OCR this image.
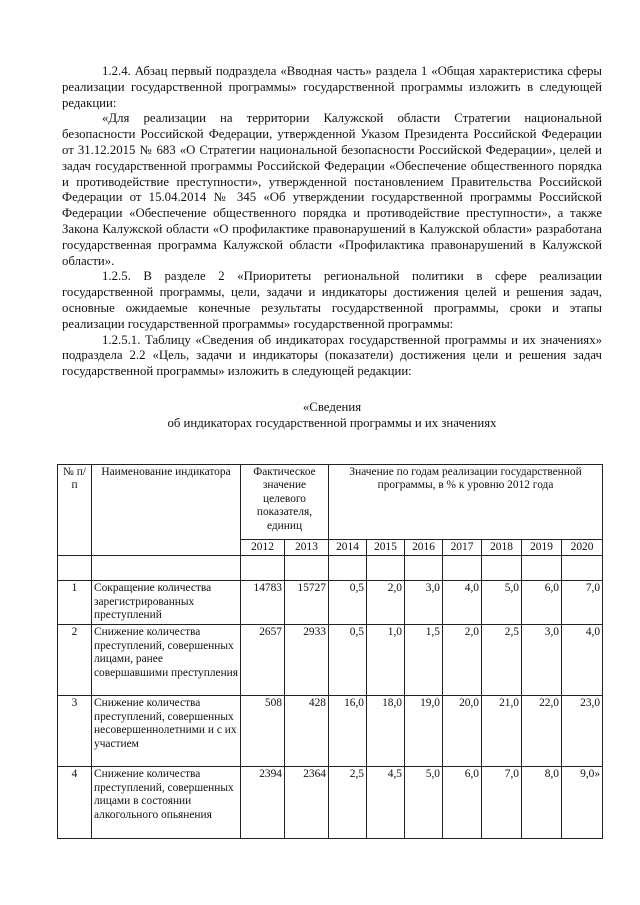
1.2.4. Абзац первый подраздела «Вводная часть» раздела 1 «Общая характеристика сферы реализации государственной программы» государственной программы изложить в следующей редакции:

«Для реализации на территории Калужской области Стратегии национальной безопасности Российской Федерации, утвержденной Указом Президента Российской Федерации от 31.12.2015 № 683 «О Стратегии национальной безопасности Российской Федерации», целей и задач государственной программы Российской Федерации «Обеспечение общественного порядка и противодействие преступности», утвержденной постановлением Правительства Российской Федерации от 15.04.2014 № 345 «Об утверждении государственной программы Российской Федерации «Обеспечение общественного порядка и противодействие преступности», а также Закона Калужской области «О профилактике правонарушений в Калужской области» разработана государственная программа Калужской области «Профилактика правонарушений в Калужской области».

1.2.5. В разделе 2 «Приоритеты региональной политики в сфере реализации государственной программы, цели, задачи и индикаторы достижения целей и решения задач, основные ожидаемые конечные результаты государственной программы, сроки и этапы реализации государственной программы» государственной программы:

1.2.5.1. Таблицу «Сведения об индикаторах государственной программы и их значениях» подраздела 2.2 «Цель, задачи и индикаторы (показатели) достижения цели и решения задач государственной программы» изложить в следующей редакции:

«Сведения
об индикаторах государственной программы и их значениях
№ п/п	Наименование индикатора	Фактическое значение целевого показателя, единиц		Значение по годам реализации государственной программы, в % к уровню 2012 года						
		2012	2013	2014	2015	2016	2017	2018	2019	2020

1	Сокращение количества зарегистрированных преступлений	14783	15727	0,5	2,0	3,0	4,0	5,0	6,0	7,0
2	Снижение количества преступлений, совершенных лицами, ранее совершавшими преступления	2657	2933	0,5	1,0	1,5	2,0	2,5	3,0	4,0
3	Снижение количества преступлений, совершенных несовершеннолетними и с их участием	508	428	16,0	18,0	19,0	20,0	21,0	22,0	23,0
4	Снижение количества преступлений, совершенных лицами в состоянии алкогольного опьянения	2394	2364	2,5	4,5	5,0	6,0	7,0	8,0	9,0»
